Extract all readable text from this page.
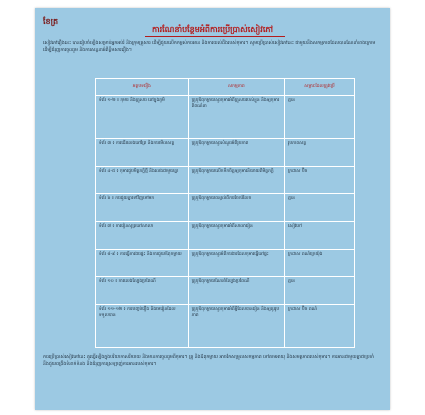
ខែត្រ
ការណែនាំបន្ថែមអំពីការប្រើប្រាស់សៀវភៅ
សៀវភៅរឿងនេះ បានរៀបចំឡើងសម្រាប់អ្នកអប់រំ និងក្រុមគ្រួសារ ដើម្បីជួយលើកកម្ពស់ការអាន និងការយល់ដឹងរបស់កុមារ។ សូមប្រើប្រាស់សៀវភៅនេះ ជាមួយនឹងសកម្មភាពដែលបានណែនាំខាងក្រោម ដើម្បីជំរុញការចូលរួម និងការសន្ទនាអំពីខ្លឹមសាររឿង។
អត្ថបទរឿង	សកម្មភាព	សម្ភារៈដែលត្រូវប្រើ
ទំព័រ ១-២ ៖ កុមារ និងគ្រួសារ នៅក្នុងភូមិ	គ្រូឬឪពុកម្ដាយសួរកុមារអំពីគ្រួសាររបស់ខ្លួន និងឲ្យកុមារពិពណ៌នា	គ្មាន
ទំព័រ ៣ ៖ ការដើរលេងនៅព្រៃ និងការមើលសត្វ	គ្រូឬឪពុកម្ដាយសួរសំណួរអំពីរូបភាព	រូបភាពសត្វ
ទំព័រ ៤-៥ ៖ កុមារជួបមិត្តភក្តិថ្មី និងលេងជាមួយគ្នា	គ្រូឬឪពុកម្ដាយលើកទឹកចិត្តឲ្យកុមារនិយាយពីមិត្តភក្តិ	ក្រដាស ប៊ិច
ទំព័រ ៦ ៖ ការជួយគ្នាទៅវិញទៅមក	គ្រូឬឪពុកម្ដាយពន្យល់ពីការចែករំលែក	គ្មាន
ទំព័រ ៧ ៖ ការរៀនសូត្រនៅសាលា	គ្រូឬឪពុកម្ដាយសួរកុមារអំពីសាលារៀន	សៀវភៅ
ទំព័រ ៨-៩ ៖ ការធ្វើការងារផ្ទះ និងការជួយឪពុកម្ដាយ	គ្រូឬឪពុកម្ដាយសួរអំពីការងារដែលកុមារធ្វើនៅផ្ទះ	ក្រដាស ពណ៌ក្រេយ៉ុង
ទំព័រ ១០ ៖ ការលេងល្បែងប្រពៃណី	គ្រូឬឪពុកម្ដាយណែនាំល្បែងប្រពៃណី	គ្មាន
ទំព័រ ១១-១២ ៖ ការបញ្ចប់រឿង និងមេរៀនដែលទទួលបាន	គ្រូឬឪពុកម្ដាយសួរកុមារអំពីអ្វីដែលបានរៀន និងឲ្យគូររូបភាព	ក្រដាស ប៊ិច ពណ៌
ការប្រើប្រាស់សៀវភៅនេះ គួរធ្វើឡើងក្នុងបរិយាកាសរីករាយ និងមានការចូលរួមពីកុមារ។ គ្រូ និងឪពុកម្ដាយ អាចកែសម្រួលសកម្មភាព ទៅតាមអាយុ និងសមត្ថភាពរបស់កុមារ។ ការអានជាមួយគ្នាជាប្រចាំ នឹងជួយពង្រឹងទំនាក់ទំនង និងជំរុញការស្រឡាញ់ការអានរបស់កុមារ។
